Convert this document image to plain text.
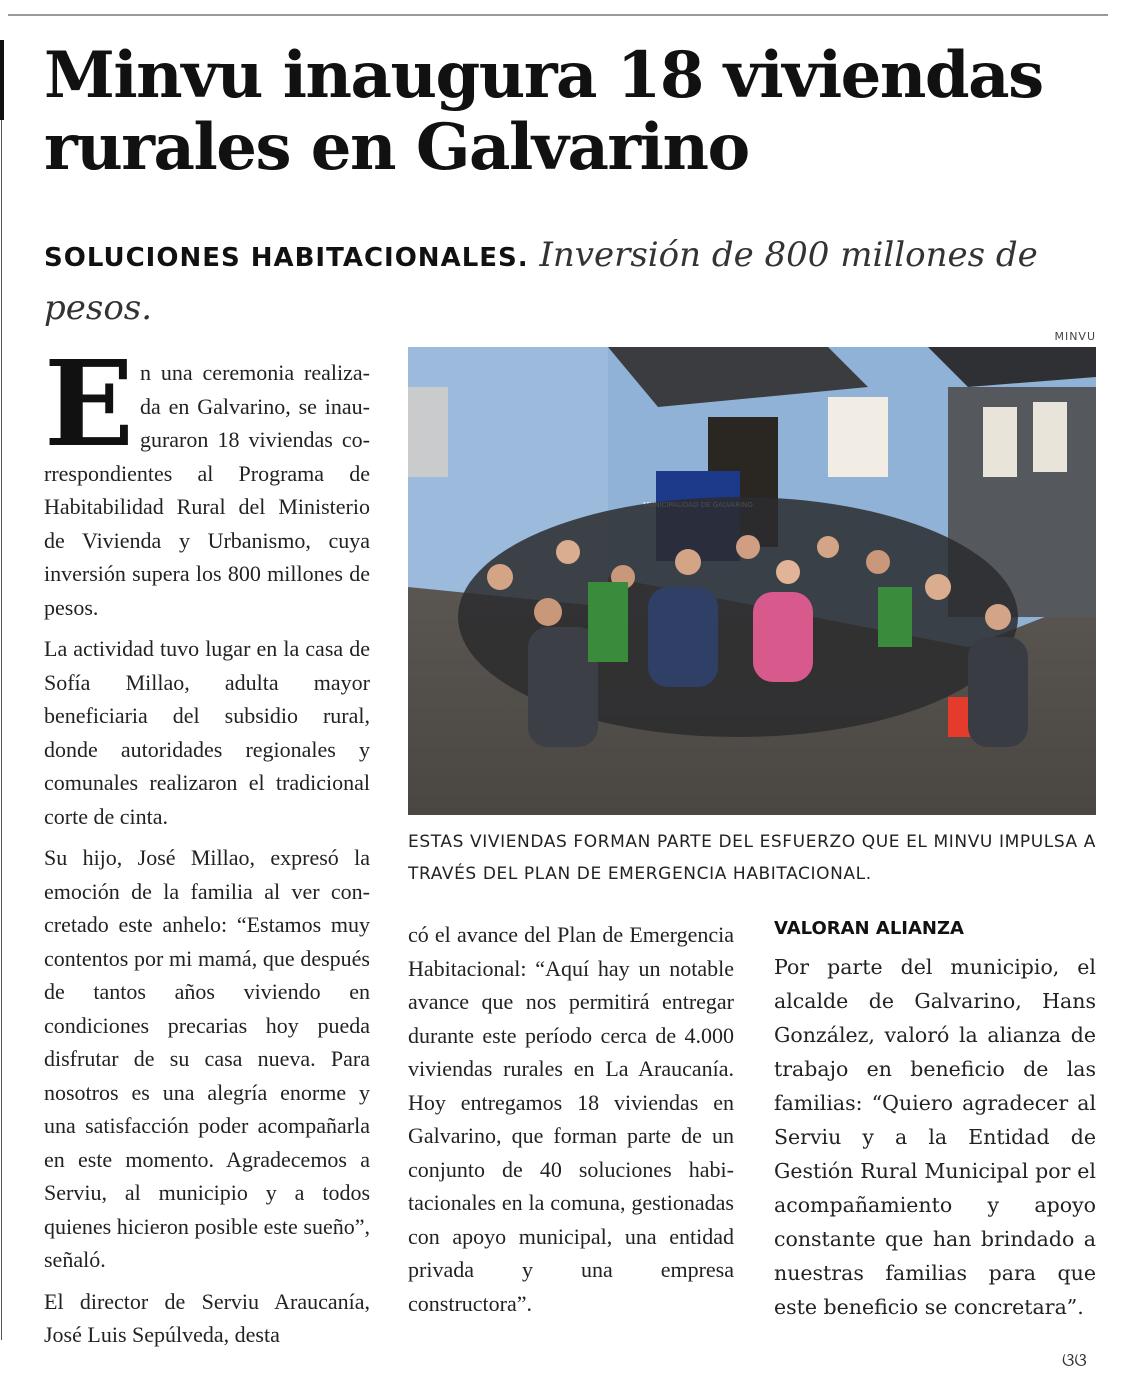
Minvu inaugura 18 viviendas rurales en Galvarino
SOLUCIONES HABITACIONALES. Inversión de 800 millones de pesos.

En una ceremonia realizada en Galvarino, se inauguraron 18 viviendas correspondientes al Programa de Habitabilidad Rural del Ministerio de Vivienda y Urbanismo, cuya inversión supera los 800 millones de pesos.

La actividad tuvo lugar en la casa de Sofía Millao, adulta mayor beneficiaria del subsidio rural, donde autoridades regionales y comunales realizaron el tradicional corte de cinta.

Su hijo, José Millao, expresó la emoción de la familia al ver concretado este anhelo: “Estamos muy contentos por mi mamá, que después de tantos años viviendo en condiciones precarias hoy pueda disfrutar de su casa nueva. Para nosotros es una alegría enorme y una satisfacción poder acompañarla en este momento. Agradecemos a Serviu, al municipio y a todos quienes hicieron posible este sueño”, señaló.

El director de Serviu Araucanía, José Luis Sepúlveda, desta

MINVU
ESTAS VIVIENDAS FORMAN PARTE DEL ESFUERZO QUE EL MINVU IMPULSA A TRAVÉS DEL PLAN DE EMERGENCIA HABITACIONAL.

có el avance del Plan de Emergencia Habitacional: “Aquí hay un notable avance que nos permitirá entregar durante este período cerca de 4.000 viviendas rurales en La Araucanía. Hoy entregamos 18 viviendas en Galvarino, que forman parte de un conjunto de 40 soluciones habitacionales en la comuna, gestionadas con apoyo municipal, una entidad privada y una empresa constructora”.

VALORAN ALIANZA

Por parte del municipio, el alcalde de Galvarino, Hans González, valoró la alianza de trabajo en beneficio de las familias: “Quiero agradecer al Serviu y a la Entidad de Gestión Rural Municipal por el acompañamiento y apoyo constante que han brindado a nuestras familias para que este beneficio se concretara”.

ଓଓ
